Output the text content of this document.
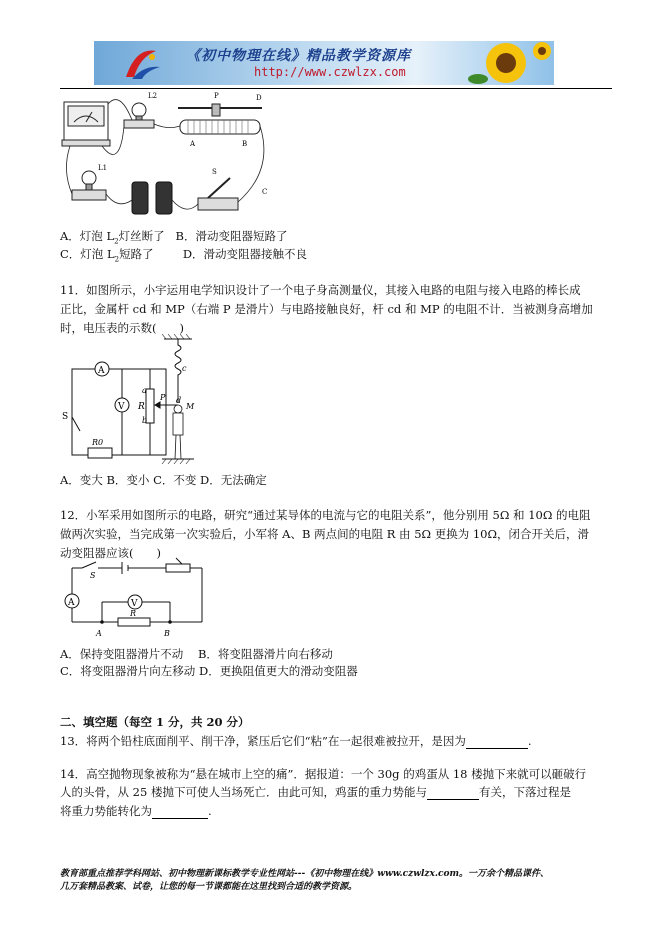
《初中物理在线》精品教学资源库
http://www.czwlzx.com
L2	P	D
A	B
L1	S
C
A．灯泡 $L_2$灯丝断了 B．滑动变阻器短路了
C．灯泡 $L_2$短路了	D．滑动变阻器接触不良
11．如图所示，小宇运用电学知识设计了一个电子身高测量仪，其接入电路的电阻与接入电路的棒长成
正比，金属杆 cd 和 MP（右端 P 是滑片）与电路接触良好，杆 cd 和 MP 的电阻不计．当被测身高增加
时，电压表的示数(　　)
A
V
S
R
R0
a
b
c
d
P
M
A．变大 B．变小 C．不变 D．无法确定
12．小军采用如图所示的电路，研究“通过某导体的电流与它的电阻关系”，他分别用 5Ω 和 10Ω 的电阻
做两次实验，当完成第一次实验后，小军将 A、B 两点间的电阻 R 由 5Ω 更换为 10Ω，闭合开关后，滑
动变阻器应该(　　)
S
A	V
R
A	B
A．保持变阻器滑片不动 B．将变阻器滑片向右移动
C．将变阻器滑片向左移动 D．更换阻值更大的滑动变阻器
二、填空题（每空 1 分，共 20 分）
13．将两个铅柱底面削平、削干净，紧压后它们“粘”在一起很难被拉开，是因为	.
14．高空抛物现象被称为“悬在城市上空的痛”．据报道：一个 30g 的鸡蛋从 18 楼抛下来就可以砸破行
人的头骨，从 25 楼抛下可使人当场死亡．由此可知，鸡蛋的重力势能与	有关，下落过程是
将重力势能转化为	.
教育部重点推荐学科网站、初中物理新课标教学专业性网站---《初中物理在线》www.czwlzx.com。一万余个精品课件、
几万套精品教案、试卷，让您的每一节课都能在这里找到合适的教学资源。
